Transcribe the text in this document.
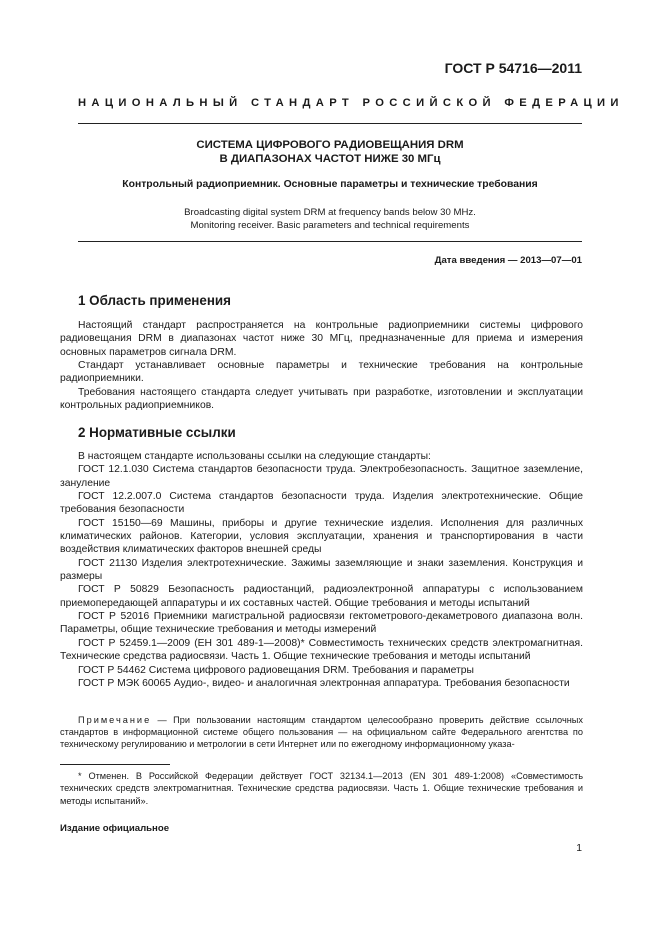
ГОСТ Р 54716—2011
НАЦИОНАЛЬНЫЙ СТАНДАРТ РОССИЙСКОЙ ФЕДЕРАЦИИ
СИСТЕМА ЦИФРОВОГО РАДИОВЕЩАНИЯ DRM
В ДИАПАЗОНАХ ЧАСТОТ НИЖЕ 30 МГц
Контрольный радиоприемник. Основные параметры и технические требования
Broadcasting digital system DRM at frequency bands below 30 MHz.
Monitoring receiver. Basic parameters and technical requirements
Дата введения — 2013—07—01
1 Область применения

Настоящий стандарт распространяется на контрольные радиоприемники системы цифрового радиовещания DRM в диапазонах частот ниже 30 МГц, предназначенные для приема и измерения основных параметров сигнала DRM.

Стандарт устанавливает основные параметры и технические требования на контрольные радиоприемники.

Требования настоящего стандарта следует учитывать при разработке, изготовлении и эксплуатации контрольных радиоприемников.

2 Нормативные ссылки

В настоящем стандарте использованы ссылки на следующие стандарты:

ГОСТ 12.1.030 Система стандартов безопасности труда. Электробезопасность. Защитное заземление, зануление

ГОСТ 12.2.007.0 Система стандартов безопасности труда. Изделия электротехнические. Общие требования безопасности

ГОСТ 15150—69 Машины, приборы и другие технические изделия. Исполнения для различных климатических районов. Категории, условия эксплуатации, хранения и транспортирования в части воздействия климатических факторов внешней среды

ГОСТ 21130 Изделия электротехнические. Зажимы заземляющие и знаки заземления. Конструкция и размеры

ГОСТ Р 50829 Безопасность радиостанций, радиоэлектронной аппаратуры с использованием приемопередающей аппаратуры и их составных частей. Общие требования и методы испытаний

ГОСТ Р 52016 Приемники магистральной радиосвязи гектометрового-декаметрового диапазона волн. Параметры, общие технические требования и методы измерений

ГОСТ Р 52459.1—2009 (ЕН 301 489-1—2008)* Совместимость технических средств электромагнитная. Технические средства радиосвязи. Часть 1. Общие технические требования и методы испытаний

ГОСТ Р 54462 Система цифрового радиовещания DRM. Требования и параметры

ГОСТ Р МЭК 60065 Аудио-, видео- и аналогичная электронная аппаратура. Требования безопасности

Примечание — При пользовании настоящим стандартом целесообразно проверить действие ссылочных стандартов в информационной системе общего пользования — на официальном сайте Федерального агентства по техническому регулированию и метрологии в сети Интернет или по ежегодному информационному указа-

* Отменен. В Российской Федерации действует ГОСТ 32134.1—2013 (EN 301 489-1:2008) «Совместимость технических средств электромагнитная. Технические средства радиосвязи. Часть 1. Общие технические требования и методы испытаний».

Издание официальное
1
